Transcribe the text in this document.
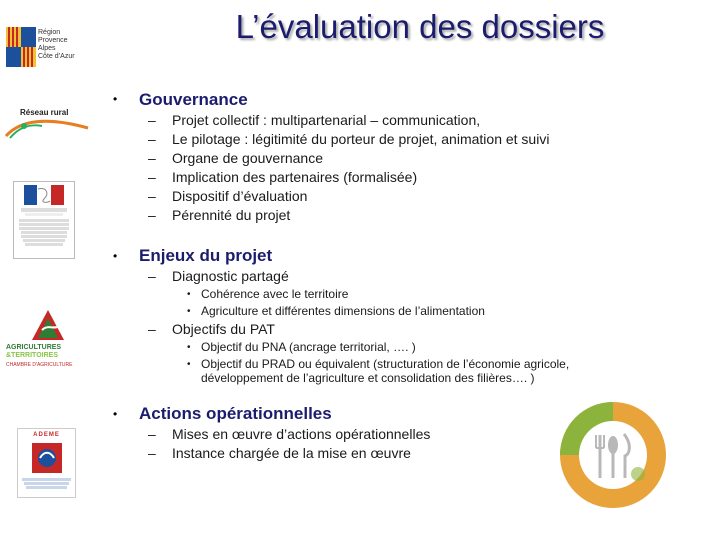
L’évaluation des dossiers
Région
Provence
Alpes
Côte d’Azur
Réseau rural
AGRICULTURES
&TERRITOIRES
CHAMBRE D'AGRICULTURE
ADEME
• Gouvernance
– Projet collectif : multipartenarial – communication,
– Le pilotage : légitimité du porteur de projet, animation et suivi
– Organe de gouvernance
– Implication des partenaires (formalisée)
– Dispositif d’évaluation
– Pérennité du projet
• Enjeux du projet
– Diagnostic partagé
• Cohérence avec le territoire
• Agriculture et différentes dimensions de l’alimentation
– Objectifs du PAT
• Objectif du PNA (ancrage territorial, …. )
• Objectif du PRAD ou équivalent (structuration de l’économie agricole,
développement de l’agriculture et consolidation des filières…. )
• Actions opérationnelles
– Mises en œuvre d’actions opérationnelles
– Instance chargée de la mise en œuvre
